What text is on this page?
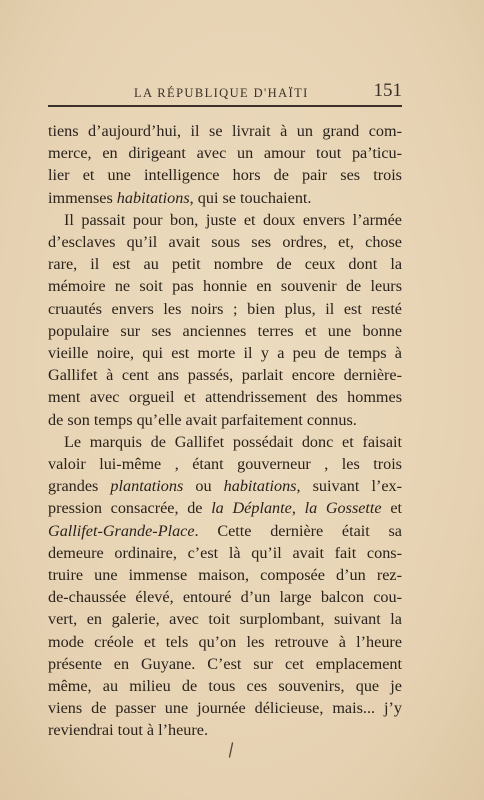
LA RÉPUBLIQUE D'HAÏTI	151
tiens d’aujourd’hui, il se livrait à un grand com-
merce, en dirigeant avec un amour tout pa’ticu-
lier et une intelligence hors de pair ses trois
immenses habitations, qui se touchaient.
Il passait pour bon, juste et doux envers l’armée
d’esclaves qu’il avait sous ses ordres, et, chose
rare, il est au petit nombre de ceux dont la
mémoire ne soit pas honnie en souvenir de leurs
cruautés envers les noirs ; bien plus, il est resté
populaire sur ses anciennes terres et une bonne
vieille noire, qui est morte il y a peu de temps à
Gallifet à cent ans passés, parlait encore dernière-
ment avec orgueil et attendrissement des hommes
de son temps qu’elle avait parfaitement connus.
Le marquis de Gallifet possédait donc et faisait
valoir lui-même , étant gouverneur , les trois
grandes plantations ou habitations, suivant l’ex-
pression consacrée, de la Déplante, la Gossette et
Gallifet-Grande-Place. Cette dernière était sa
demeure ordinaire, c’est là qu’il avait fait cons-
truire une immense maison, composée d’un rez-
de-chaussée élevé, entouré d’un large balcon cou-
vert, en galerie, avec toit surplombant, suivant la
mode créole et tels qu’on les retrouve à l’heure
présente en Guyane. C’est sur cet emplacement
même, au milieu de tous ces souvenirs, que je
viens de passer une journée délicieuse, mais... j’y
reviendrai tout à l’heure.
